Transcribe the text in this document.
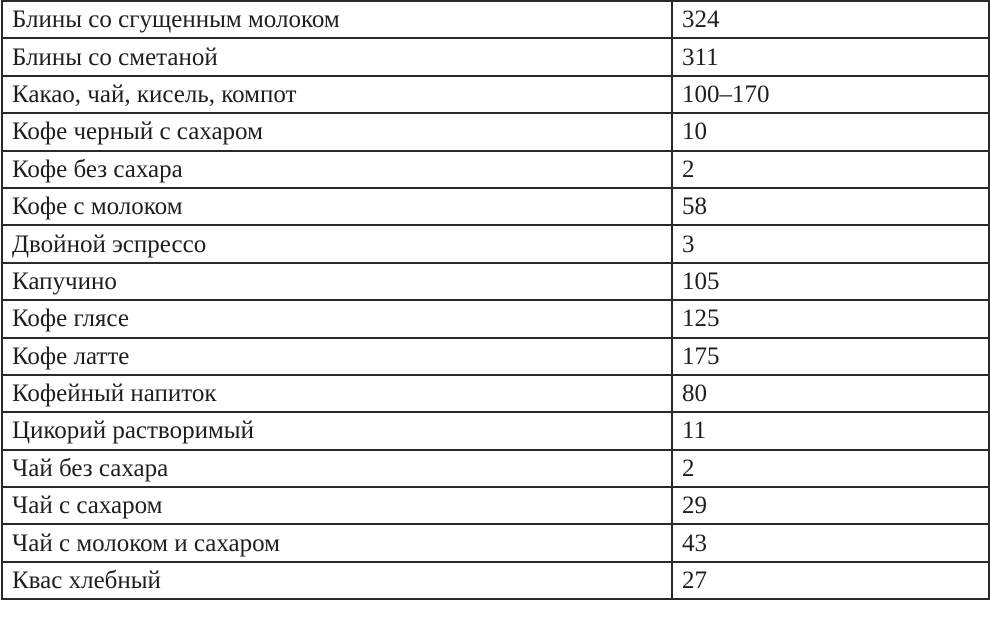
Блины со сгущенным молоком	324
Блины со сметаной	311
Какао, чай, кисель, компот	100–170
Кофе черный с сахаром	10
Кофе без сахара	2
Кофе с молоком	58
Двойной эспрессо	3
Капучино	105
Кофе глясе	125
Кофе латте	175
Кофейный напиток	80
Цикорий растворимый	11
Чай без сахара	2
Чай с сахаром	29
Чай с молоком и сахаром	43
Квас хлебный	27
